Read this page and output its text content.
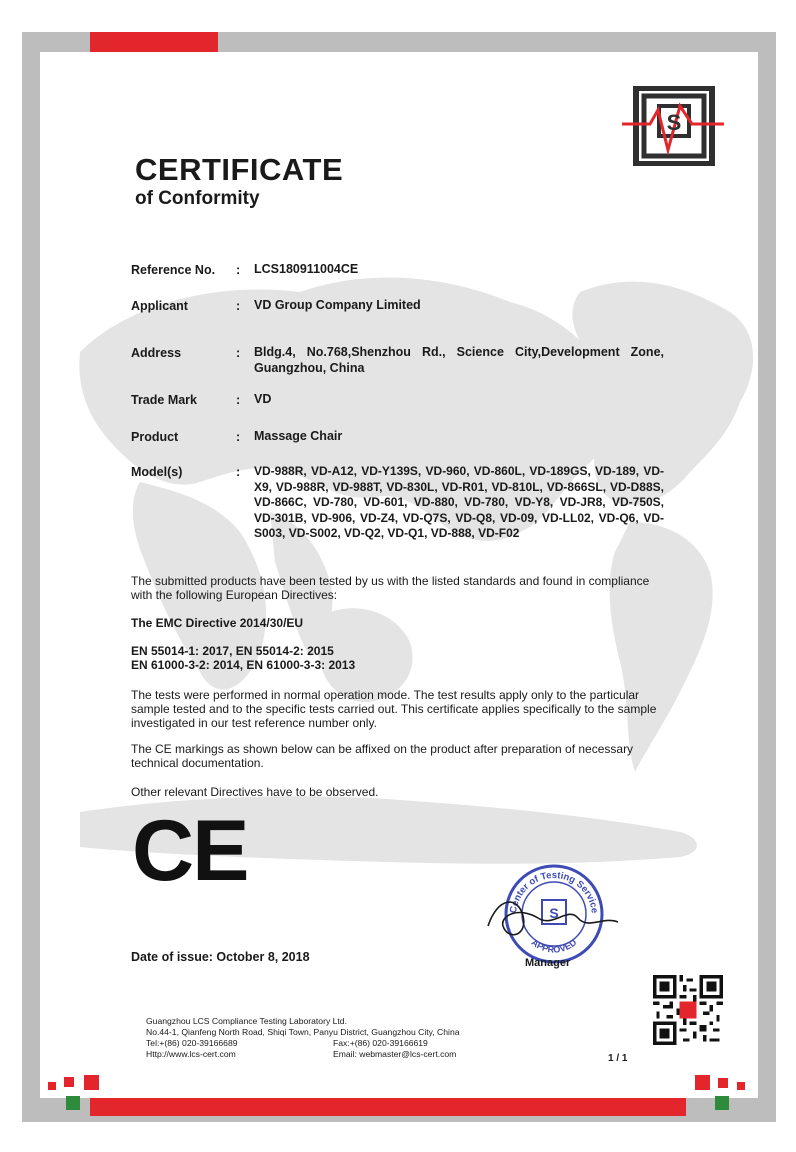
S
CERTIFICATE
of Conformity
Reference No. : LCS180911004CE
Applicant	: VD Group Company Limited
Address	: Bldg.4, No.768,Shenzhou Rd., Science City,Development Zone, Guangzhou, China
Trade Mark	: VD
Product	: Massage Chair
Model(s)	: VD-988R, VD-A12, VD-Y139S, VD-960, VD-860L, VD-189GS, VD-189, VD-X9, VD-988R, VD-988T, VD-830L, VD-R01, VD-810L, VD-866SL, VD-D88S, VD-866C, VD-780, VD-601, VD-880, VD-780, VD-Y8, VD-JR8, VD-750S, VD-301B, VD-906, VD-Z4, VD-Q7S, VD-Q8, VD-09, VD-LL02, VD-Q6, VD-S003, VD-S002, VD-Q2, VD-Q1, VD-888, VD-F02
The submitted products have been tested by us with the listed standards and found in compliance with the following European Directives:
The EMC Directive 2014/30/EU
EN 55014-1: 2017, EN 55014-2: 2015
EN 61000-3-2: 2014, EN 61000-3-3: 2013
The tests were performed in normal operation mode. The test results apply only to the particular sample tested and to the specific tests carried out. This certificate applies specifically to the sample investigated in our test reference number only.
The CE markings as shown below can be affixed on the product after preparation of necessary technical documentation.
Other relevant Directives have to be observed.
CE
S
Center of Testing Service
APPROVED
Manager
Date of issue: October 8, 2018
Guangzhou LCS Compliance Testing Laboratory Ltd.
No.44-1, Qianfeng North Road, Shiqi Town, Panyu District, Guangzhou City, China
Tel:+(86) 020-39166689	Fax:+(86) 020-39166619
Http://www.lcs-cert.com	Email: webmaster@lcs-cert.com	1 / 1
